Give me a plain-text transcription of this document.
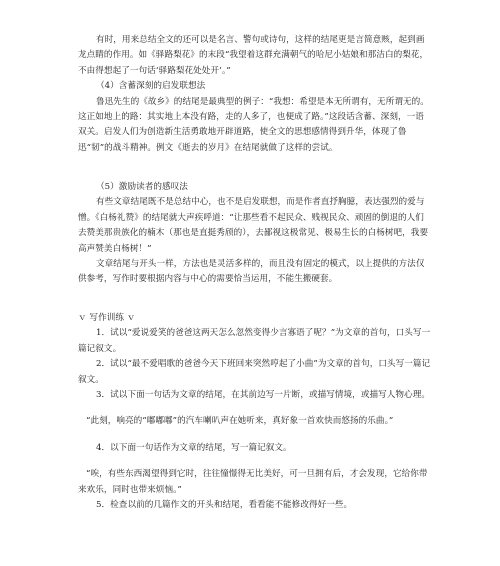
有时，用来总结全文的还可以是名言、警句或诗句，这样的结尾更是言简意赅，起到画龙点睛的作用。如《驿路梨花》的末段“我望着这群充满朝气的哈尼小姑娘和那洁白的梨花，不由得想起了一句话‘驿路梨花处处开’。”

（4）含蓄深刻的启发联想法

鲁迅先生的《故乡》的结尾是最典型的例子：“我想：希望是本无所谓有，无所谓无的。这正如地上的路：其实地上本没有路，走的人多了，也便成了路。”这段话含蓄、深刻，一语双关。启发人们为创造新生活勇敢地开辟道路，使全文的思想感情得到升华，体现了鲁迅“韧”的战斗精神。例文《逝去的岁月》在结尾就做了这样的尝试。

（5）激励读者的感叹法

有些文章结尾既不是总结中心，也不是启发联想，而是作者直抒胸臆，表达强烈的爱与憎。《白杨礼赞》的结尾就大声疾呼道：“让那些看不起民众、贱视民众、顽固的倒退的人们去赞美那贵族化的楠木（那也是直挺秀颀的），去鄙视这极常见、极易生长的白杨树吧，我要高声赞美白杨树！”

文章结尾与开头一样，方法也是灵活多样的，而且没有固定的模式，以上提供的方法仅供参考，写作时要根据内容与中心的需要恰当运用，不能生搬硬套。

ｖ 写作训练 ｖ

1．试以“爱说爱笑的爸爸这两天怎么忽然变得少言寡语了呢？”为文章的首句，口头写一篇记叙文。

2．试以“最不爱唱歌的爸爸今天下班回来突然哼起了小曲”为文章的首句，口头写一篇记叙文。

3．试以下面一句话为文章的结尾，在其前边写一片断，或描写情境，或描写人物心理。

“此刻，响亮的“嘟嘟嘟”的汽车喇叭声在她听来，真好象一首欢快而悠扬的乐曲。”

4．以下面一句话作为文章的结尾，写一篇记叙文。

“唉，有些东西渴望得到它时，往往憧憬得无比美好，可一旦拥有后，才会发现，它给你带来欢乐，同时也带来烦恼。”

5．检查以前的几篇作文的开头和结尾，看看能不能修改得好一些。
